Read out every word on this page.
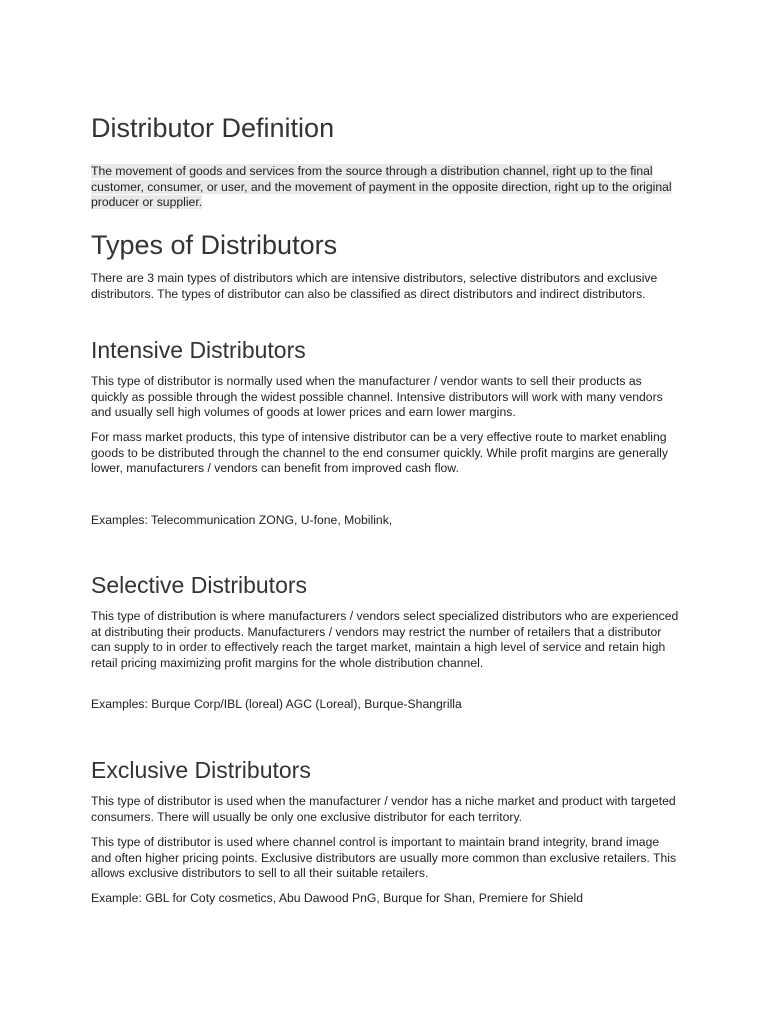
Distributor Definition

The movement of goods and services from the source through a distribution channel, right up to the final customer, consumer, or user, and the movement of payment in the opposite direction, right up to the original producer or supplier.

Types of Distributors

There are 3 main types of distributors which are intensive distributors, selective distributors and exclusive distributors. The types of distributor can also be classified as direct distributors and indirect distributors.

Intensive Distributors

This type of distributor is normally used when the manufacturer / vendor wants to sell their products as quickly as possible through the widest possible channel. Intensive distributors will work with many vendors and usually sell high volumes of goods at lower prices and earn lower margins.

For mass market products, this type of intensive distributor can be a very effective route to market enabling goods to be distributed through the channel to the end consumer quickly. While profit margins are generally lower, manufacturers / vendors can benefit from improved cash flow.

Examples: Telecommunication ZONG, U-fone, Mobilink,

Selective Distributors

This type of distribution is where manufacturers / vendors select specialized distributors who are experienced at distributing their products. Manufacturers / vendors may restrict the number of retailers that a distributor can supply to in order to effectively reach the target market, maintain a high level of service and retain high retail pricing maximizing profit margins for the whole distribution channel.

Examples: Burque Corp/IBL (loreal) AGC (Loreal), Burque-Shangrilla

Exclusive Distributors

This type of distributor is used when the manufacturer / vendor has a niche market and product with targeted consumers. There will usually be only one exclusive distributor for each territory.

This type of distributor is used where channel control is important to maintain brand integrity, brand image and often higher pricing points. Exclusive distributors are usually more common than exclusive retailers. This allows exclusive distributors to sell to all their suitable retailers.

Example: GBL for Coty cosmetics, Abu Dawood PnG, Burque for Shan, Premiere for Shield
